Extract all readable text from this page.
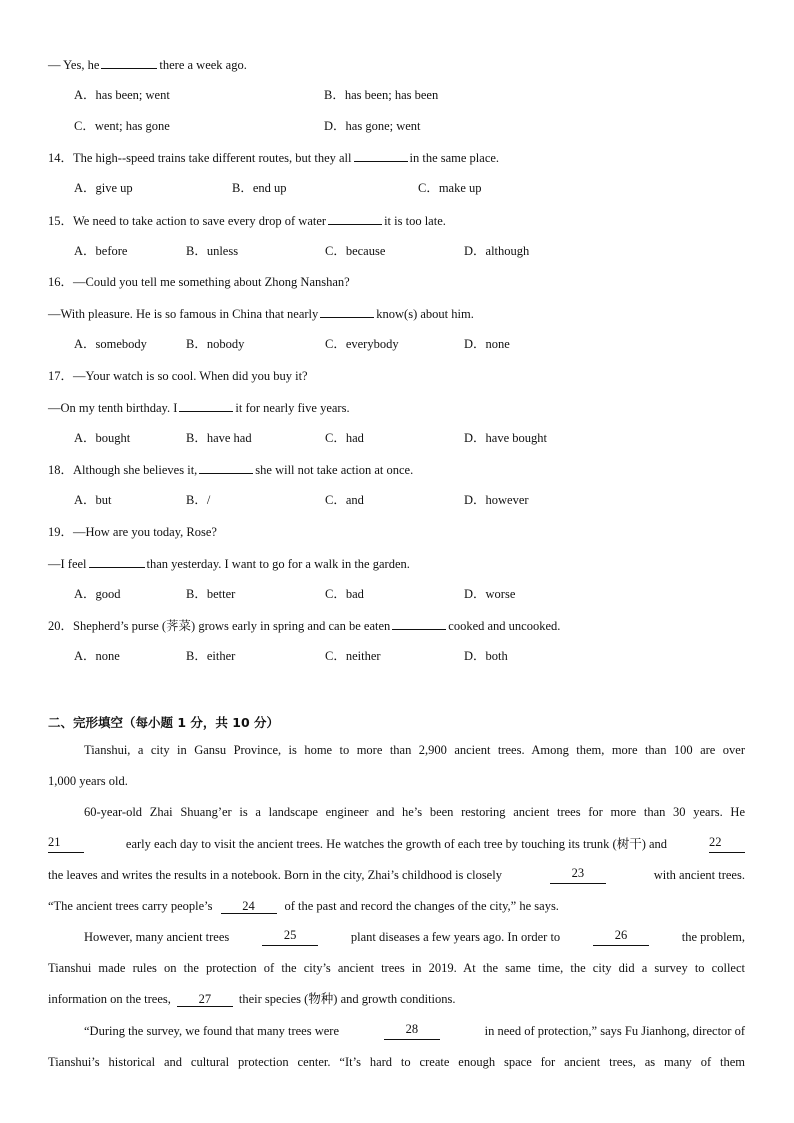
— Yes, he	there a week ago.
A．has been; went	B．has been; has been
C．went; has gone	D．has gone; went
14．The high--speed trains take different routes, but they all	in the same place.
A．give up	B．end up	C．make up
15．We need to take action to save every drop of water	it is too late.
A．before	B．unless	C．because	D．although
16．—Could you tell me something about Zhong Nanshan?
—With pleasure. He is so famous in China that nearly	know(s) about him.
A．somebody	B．nobody	C．everybody	D．none
17．—Your watch is so cool. When did you buy it?
—On my tenth birthday. I	it for nearly five years.
A．bought	B．have had	C．had	D．have bought
18．Although she believes it,	she will not take action at once.
A．but	B．/	C．and	D．however
19．—How are you today, Rose?
—I feel	than yesterday. I want to go for a walk in the garden.
A．good	B．better	C．bad	D．worse
20．Shepherd’s purse (荠菜) grows early in spring and can be eaten	cooked and uncooked.
A．none	B．either	C．neither	D．both
二、完形填空（每小题 1 分，共 10 分）
Tianshui, a city in Gansu Province, is home to more than 2,900 ancient trees. Among them, more than 100 are over
1,000 years old.
60-year-old Zhai Shuang’er is a landscape engineer and he’s been restoring ancient trees for more than 30 years. He
21	early each day to visit the ancient trees. He watches the growth of each tree by touching its trunk (树干) and	22
the leaves and writes the results in a notebook. Born in the city, Zhai’s childhood is closely	23	with ancient trees.
“The ancient trees carry people’s 24 of the past and record the changes of the city,” he says.
However, many ancient trees	25	plant diseases a few years ago. In order to	26	the problem,
Tianshui made rules on the protection of the city’s ancient trees in 2019. At the same time, the city did a survey to collect
information on the trees, 27 their species (物种) and growth conditions.
“During the survey, we found that many trees were	28	in need of protection,” says Fu Jianhong, director of
Tianshui’s historical and cultural protection center. “It’s hard to create enough space for ancient trees, as many of them
